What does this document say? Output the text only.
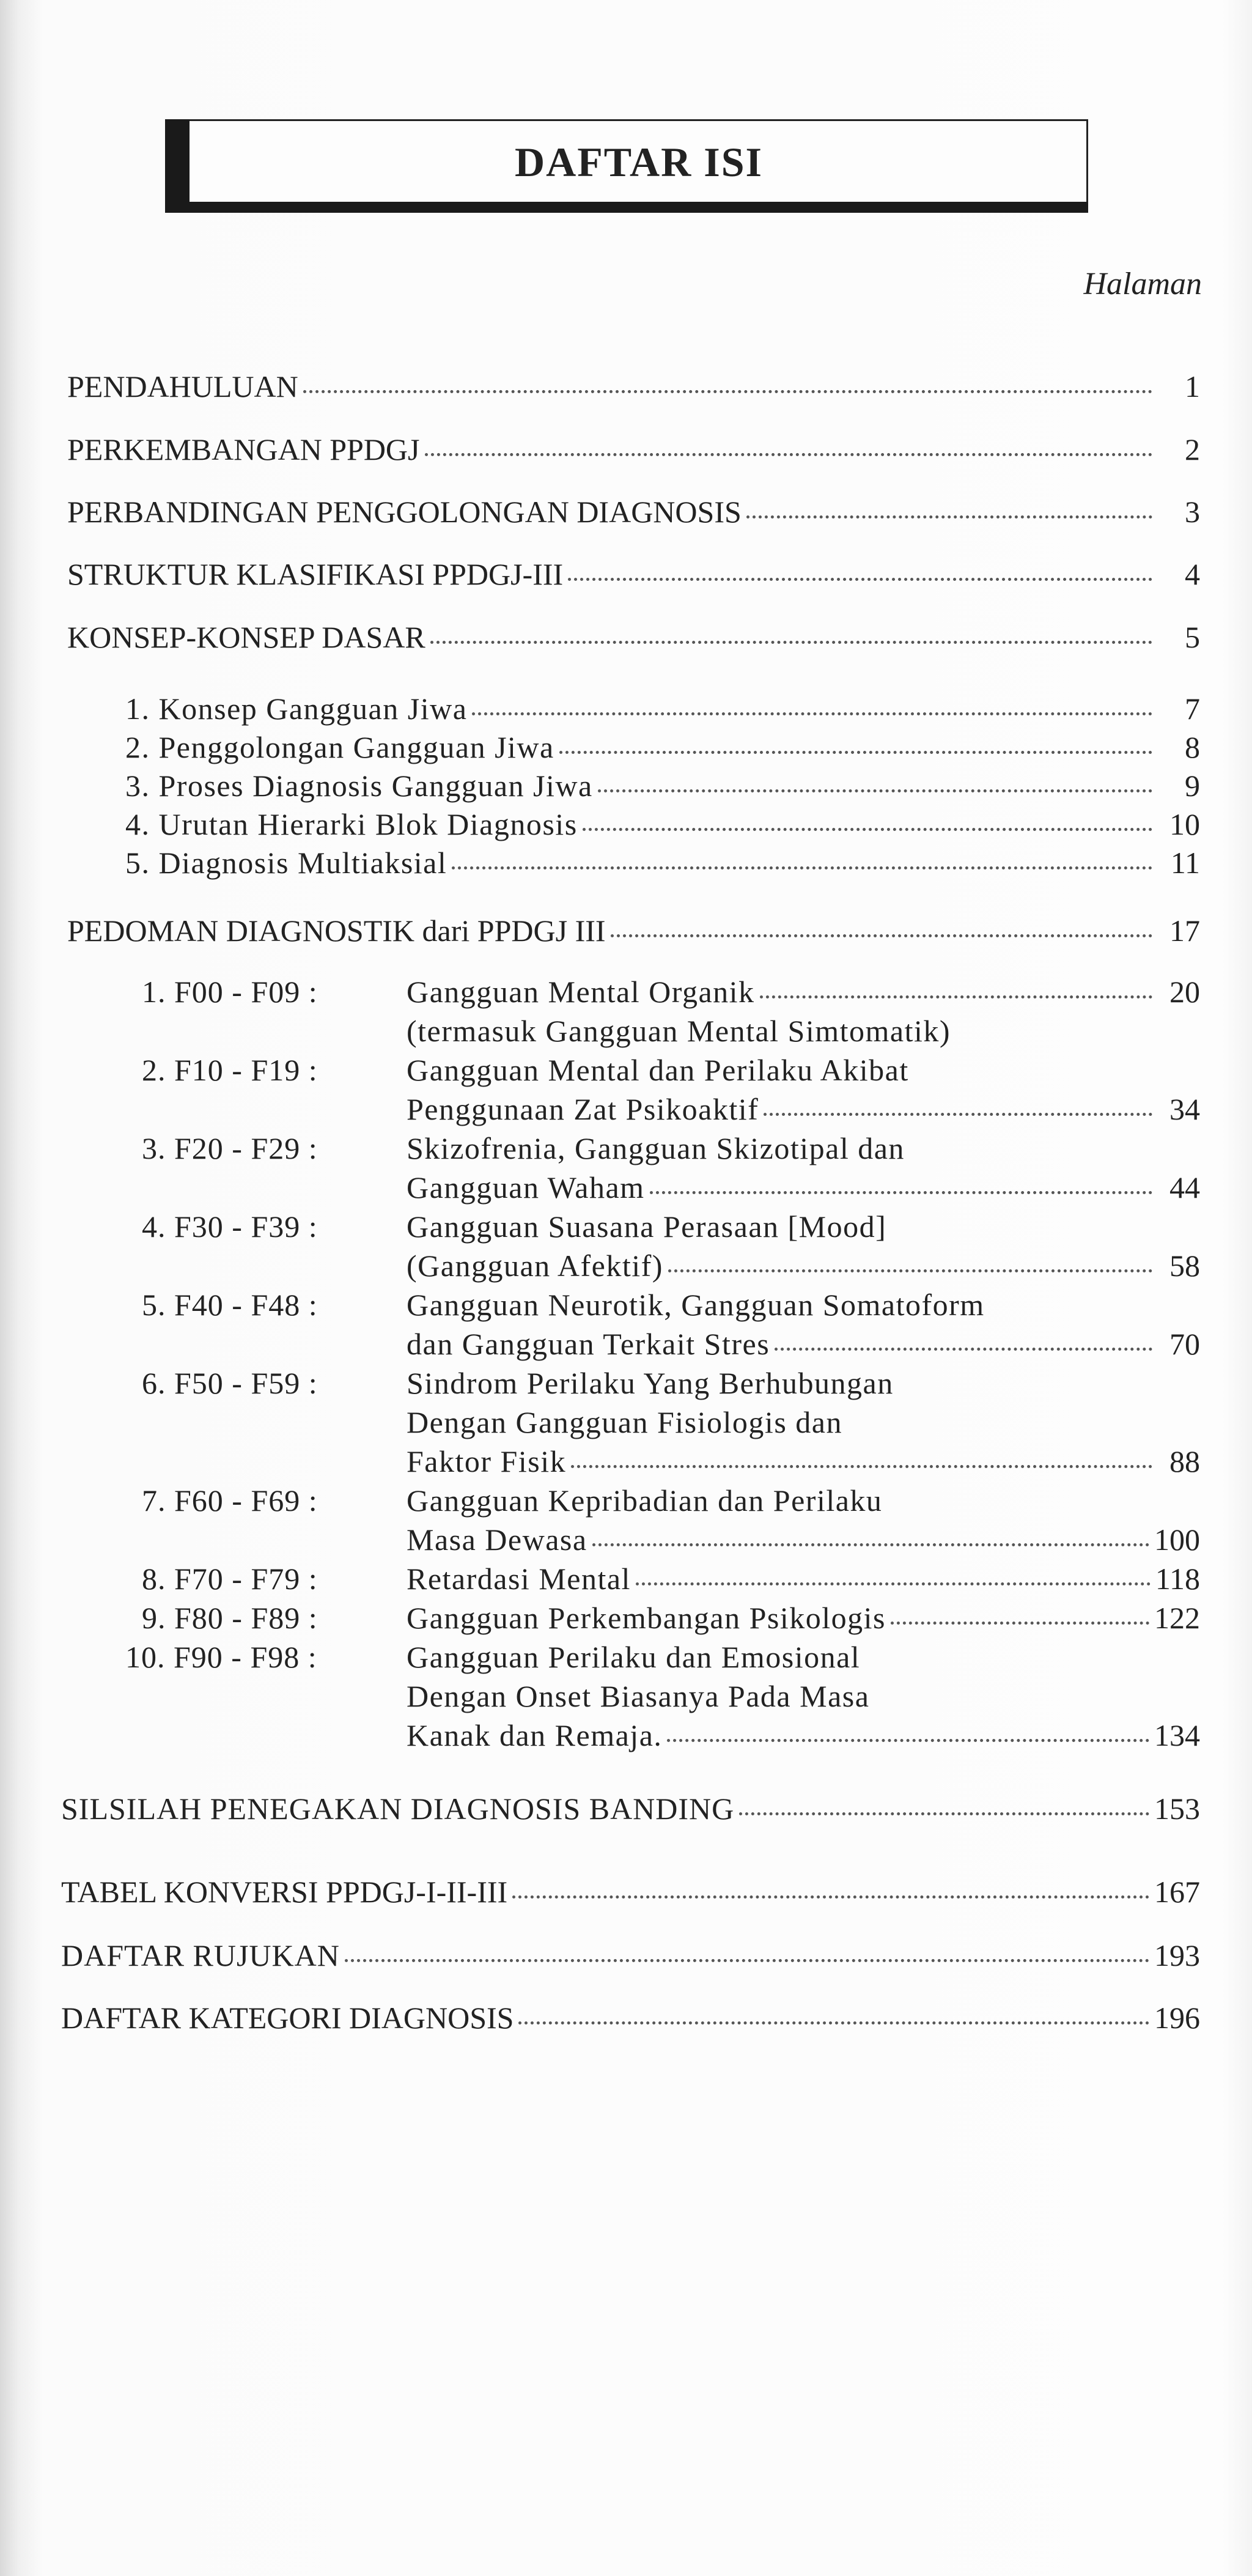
DAFTAR ISI
Halaman
PENDAHULUAN	1
PERKEMBANGAN PPDGJ	2
PERBANDINGAN PENGGOLONGAN DIAGNOSIS	3
STRUKTUR KLASIFIKASI PPDGJ-III	4
KONSEP-KONSEP DASAR	5
1. Konsep Gangguan Jiwa	7
2. Penggolongan Gangguan Jiwa	8
3. Proses Diagnosis Gangguan Jiwa	9
4. Urutan Hierarki Blok Diagnosis	10
5. Diagnosis Multiaksial	11
PEDOMAN DIAGNOSTIK dari PPDGJ III	17
1. F00 - F09 :	Gangguan Mental Organik	20
(termasuk Gangguan Mental Simtomatik)
2. F10 - F19 :	Gangguan Mental dan Perilaku Akibat
Penggunaan Zat Psikoaktif	34
3. F20 - F29 :	Skizofrenia, Gangguan Skizotipal dan
Gangguan Waham	44
4. F30 - F39 :	Gangguan Suasana Perasaan [Mood]
(Gangguan Afektif)	58
5. F40 - F48 :	Gangguan Neurotik, Gangguan Somatoform
dan Gangguan Terkait Stres	70
6. F50 - F59 :	Sindrom Perilaku Yang Berhubungan
Dengan Gangguan Fisiologis dan
Faktor Fisik	88
7. F60 - F69 :	Gangguan Kepribadian dan Perilaku
Masa Dewasa	100
8. F70 - F79 :	Retardasi Mental	118
9. F80 - F89 :	Gangguan Perkembangan Psikologis	122
10. F90 - F98 :	Gangguan Perilaku dan Emosional
Dengan Onset Biasanya Pada Masa
Kanak dan Remaja.	134
SILSILAH PENEGAKAN DIAGNOSIS BANDING	153
TABEL KONVERSI PPDGJ-I-II-III	167
DAFTAR RUJUKAN	193
DAFTAR KATEGORI DIAGNOSIS	196
